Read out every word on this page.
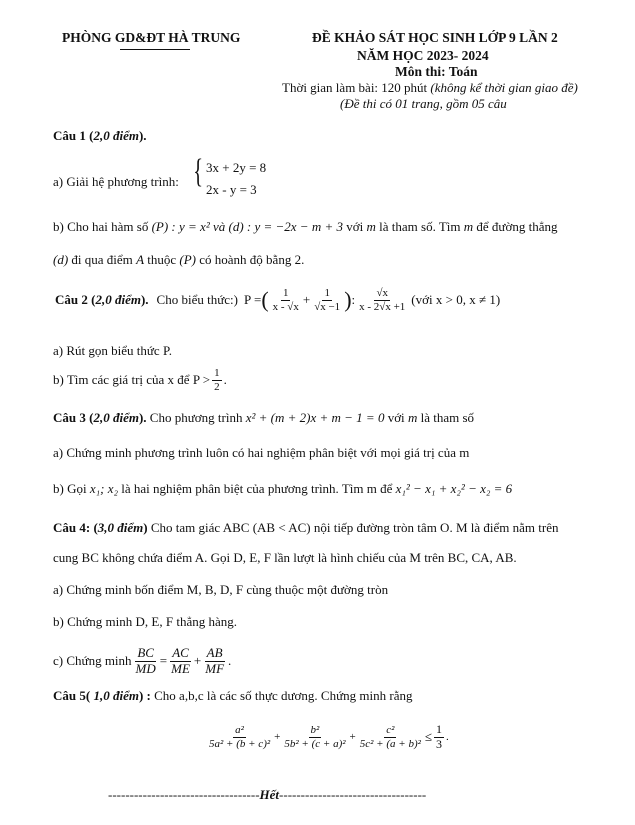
PHÒNG GD&ĐT HÀ TRUNG	ĐỀ KHẢO SÁT HỌC SINH LỚP 9 LẦN 2
NĂM HỌC 2023- 2024
Môn thi: Toán
Thời gian làm bài: 120 phút (không kể thời gian giao đề)
(Đề thi có 01 trang, gồm 05 câu
Câu 1 (2,0 điểm).
a) Giải hệ phương trình: { 3x + 2y = 8
2x - y = 3
b) Cho hai hàm số (P) : y = x² và (d) : y = −2x − m + 3 với m là tham số. Tìm m để đường thẳng
(d) đi qua điểm A thuộc (P) có hoành độ bằng 2.
Câu 2 (2,0 điểm). Cho biểu thức:) P = ( $\frac{1}{x - √x} + \frac{1}{√x -1}$ ) : $\frac{√x}{x - 2√x +1}$ (với x > 0, x ≠ 1)
a) Rút gọn biểu thức P.
b) Tìm các giá trị của x để $P > \frac{1}{2}$ .
Câu 3 (2,0 điểm). Cho phương trình x² + (m + 2)x + m − 1 = 0 với m là tham số
a) Chứng minh phương trình luôn có hai nghiệm phân biệt với mọi giá trị của m
b) Gọi x₁; x₂ là hai nghiệm phân biệt của phương trình. Tìm m để x₁² − x₁ + x₂² − x₂ = 6
Câu 4: (3,0 điểm) Cho tam giác ABC (AB < AC) nội tiếp đường tròn tâm O. M là điểm nằm trên
cung BC không chứa điểm A. Gọi D, E, F lần lượt là hình chiếu của M trên BC, CA, AB.
a) Chứng minh bốn điểm M, B, D, F cùng thuộc một đường tròn
b) Chứng minh D, E, F thẳng hàng.
c) Chứng minh $\frac{BC}{MD} = \frac{AC}{ME} + \frac{AB}{MF}$ .
Câu 5( 1,0 điểm) : Cho a,b,c là các số thực dương. Chứng minh rằng
$\frac{\text{a²}}{\text{5a² + (b + c)²}} + \frac{\text{b²}}{\text{5b² + (c + a)²}} + \frac{\text{c²}}{\text{5c² + (a + b)²}} \le \frac{1}{3}$ .
-----------------------------------Hết----------------------------------
